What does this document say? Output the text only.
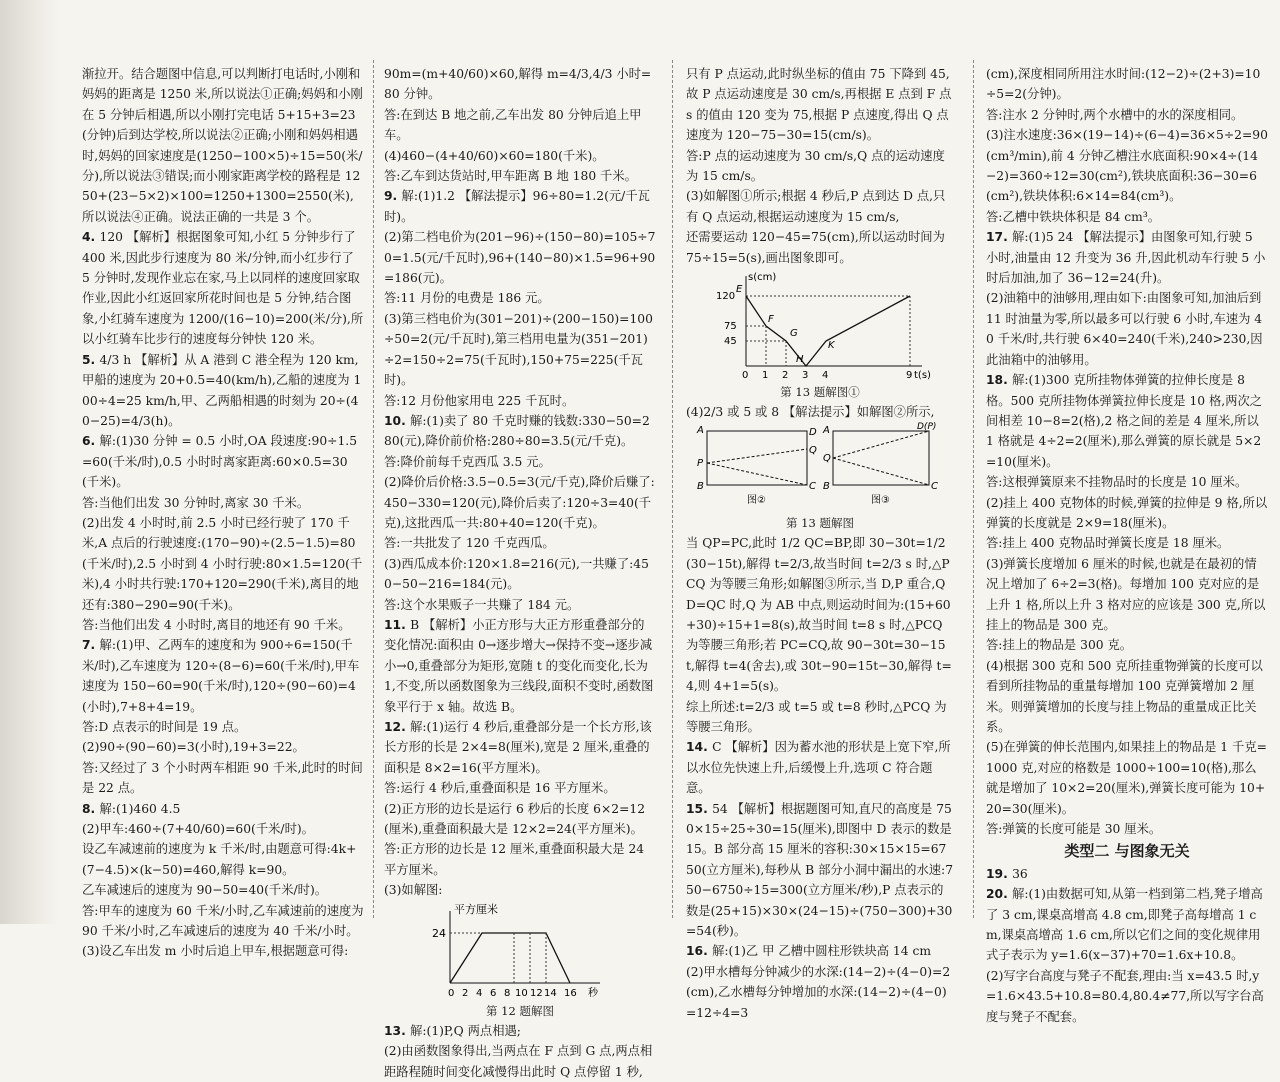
渐拉开。结合题图中信息,可以判断打电话时,小刚和妈妈的距离是 1250 米,所以说法①正确;妈妈和小刚在 5 分钟后相遇,所以小刚打完电话 5+15+3=23(分钟)后到达学校,所以说法②正确;小刚和妈妈相遇时,妈妈的回家速度是(1250−100×5)÷15=50(米/分),所以说法③错误;而小刚家距离学校的路程是 1250+(23−5×2)×100=1250+1300=2550(米),所以说法④正确。说法正确的一共是 3 个。

4. 120 【解析】根据图象可知,小红 5 分钟步行了 400 米,因此步行速度为 80 米/分钟,而小红步行了 5 分钟时,发现作业忘在家,马上以同样的速度回家取作业,因此小红返回家所花时间也是 5 分钟,结合图象,小红骑车速度为 1200/(16−10)=200(米/分),所以小红骑车比步行的速度每分钟快 120 米。

5. 4/3 h 【解析】从 A 港到 C 港全程为 120 km,甲船的速度为 20+0.5=40(km/h),乙船的速度为 100÷4=25 km/h,甲、乙两船相遇的时刻为 20÷(40−25)=4/3(h)。

6. 解:(1)30 分钟 = 0.5 小时,OA 段速度:90÷1.5=60(千米/时),0.5 小时时离家距离:60×0.5=30(千米)。

答:当他们出发 30 分钟时,离家 30 千米。

(2)出发 4 小时时,前 2.5 小时已经行驶了 170 千米,A 点后的行驶速度:(170−90)÷(2.5−1.5)=80(千米/时),2.5 小时到 4 小时行驶:80×1.5=120(千米),4 小时共行驶:170+120=290(千米),离目的地还有:380−290=90(千米)。

答:当他们出发 4 小时时,离目的地还有 90 千米。

7. 解:(1)甲、乙两车的速度和为 900÷6=150(千米/时),乙车速度为 120÷(8−6)=60(千米/时),甲车速度为 150−60=90(千米/时),120÷(90−60)=4(小时),7+8+4=19。

答:D 点表示的时间是 19 点。

(2)90÷(90−60)=3(小时),19+3=22。

答:又经过了 3 个小时两车相距 90 千米,此时的时间是 22 点。

8. 解:(1)460 4.5

(2)甲车:460÷(7+40/60)=60(千米/时)。

设乙车减速前的速度为 k 千米/时,由题意可得:4k+(7−4.5)×(k−50)=460,解得 k=90。

乙车减速后的速度为 90−50=40(千米/时)。

答:甲车的速度为 60 千米/小时,乙车减速前的速度为 90 千米/小时,乙车减速后的速度为 40 千米/小时。

(3)设乙车出发 m 小时后追上甲车,根据题意可得:

90m=(m+40/60)×60,解得 m=4/3,4/3 小时=80 分钟。

答:在到达 B 地之前,乙车出发 80 分钟后追上甲车。

(4)460−(4+40/60)×60=180(千米)。

答:乙车到达货站时,甲车距离 B 地 180 千米。

9. 解:(1)1.2 【解法提示】96÷80=1.2(元/千瓦时)。

(2)第二档电价为(201−96)÷(150−80)=105÷70=1.5(元/千瓦时),96+(140−80)×1.5=96+90=186(元)。

答:11 月份的电费是 186 元。

(3)第三档电价为(301−201)÷(200−150)=100÷50=2(元/千瓦时),第三档用电量为(351−201)÷2=150÷2=75(千瓦时),150+75=225(千瓦时)。

答:12 月份他家用电 225 千瓦时。

10. 解:(1)卖了 80 千克时赚的钱数:330−50=280(元),降价前价格:280÷80=3.5(元/千克)。

答:降价前每千克西瓜 3.5 元。

(2)降价后价格:3.5−0.5=3(元/千克),降价后赚了:450−330=120(元),降价后卖了:120÷3=40(千克),这批西瓜一共:80+40=120(千克)。

答:一共批发了 120 千克西瓜。

(3)西瓜成本价:120×1.8=216(元),一共赚了:450−50−216=184(元)。

答:这个水果贩子一共赚了 184 元。

11. B 【解析】小正方形与大正方形重叠部分的变化情况:面积由 0→逐步增大→保持不变→逐步减小→0,重叠部分为矩形,宽随 t 的变化而变化,长为 1,不变,所以函数图象为三线段,面积不变时,函数图象平行于 x 轴。故选 B。

12. 解:(1)运行 4 秒后,重叠部分是一个长方形,该长方形的长是 2×4=8(厘米),宽是 2 厘米,重叠的面积是 8×2=16(平方厘米)。

答:运行 4 秒后,重叠面积是 16 平方厘米。

(2)正方形的边长是运行 6 秒后的长度 6×2=12(厘米),重叠面积最大是 12×2=24(平方厘米)。

答:正方形的边长是 12 厘米,重叠面积最大是 24 平方厘米。

(3)如解图:

平方厘米
24
0 2 4 6 8 10 12 14 16 秒

第 12 题解图

13. 解:(1)P,Q 两点相遇;

(2)由函数图象得出,当两点在 F 点到 G 点,两点相距路程随时间变化减慢得出此时 Q 点停留 1 秒,

只有 P 点运动,此时纵坐标的值由 75 下降到 45,故 P 点运动速度是 30 cm/s,再根据 E 点到 F 点 s 的值由 120 变为 75,根据 P 点速度,得出 Q 点速度为 120−75−30=15(cm/s)。

答:P 点的运动速度为 30 cm/s,Q 点的运动速度为 15 cm/s。

(3)如解图①所示;根据 4 秒后,P 点到达 D 点,只有 Q 点运动,根据运动速度为 15 cm/s,

还需要运动 120−45=75(cm),所以运动时间为 75÷15=5(s),画出图象即可。

s(cm)
120
75
45
E
F
G
H
K
0 1 2 3 4	9 t(s)

第 13 题解图①

(4)2/3 或 5 或 8 【解法提示】如解图②所示,

A	D
P
Q
B	C
图②
A	D(P)
Q
B	C
图③

第 13 题解图

当 QP=PC,此时 1/2 QC=BP,即 30−30t=1/2(30−15t),解得 t=2/3,故当时间 t=2/3 s 时,△PCQ 为等腰三角形;如解图③所示,当 D,P 重合,QD=QC 时,Q 为 AB 中点,则运动时间为:(15+60+30)÷15+1=8(s),故当时间 t=8 s 时,△PCQ 为等腰三角形;若 PC=CQ,故 90−30t=30−15t,解得 t=4(舍去),或 30t−90=15t−30,解得 t=4,则 4+1=5(s)。

综上所述:t=2/3 或 t=5 或 t=8 秒时,△PCQ 为等腰三角形。

14. C 【解析】因为蓄水池的形状是上宽下窄,所以水位先快速上升,后缓慢上升,选项 C 符合题意。

15. 54 【解析】根据题图可知,直尺的高度是 750×15÷25÷30=15(厘米),即图中 D 表示的数是 15。B 部分高 15 厘米的容积:30×15×15=6750(立方厘米),每秒从 B 部分小洞中漏出的水速:750−6750÷15=300(立方厘米/秒),P 点表示的数是(25+15)×30×(24−15)÷(750−300)+30=54(秒)。

16. 解:(1)乙 甲 乙槽中圆柱形铁块高 14 cm

(2)甲水槽每分钟减少的水深:(14−2)÷(4−0)=2(cm),乙水槽每分钟增加的水深:(14−2)÷(4−0)=12÷4=3

(cm),深度相同所用注水时间:(12−2)÷(2+3)=10÷5=2(分钟)。

答:注水 2 分钟时,两个水槽中的水的深度相同。

(3)注水速度:36×(19−14)÷(6−4)=36×5÷2=90(cm³/min),前 4 分钟乙槽注水底面积:90×4÷(14−2)=360÷12=30(cm²),铁块底面积:36−30=6(cm²),铁块体积:6×14=84(cm³)。

答:乙槽中铁块体积是 84 cm³。

17. 解:(1)5 24 【解法提示】由图象可知,行驶 5 小时,油量由 12 升变为 36 升,因此机动车行驶 5 小时后加油,加了 36−12=24(升)。

(2)油箱中的油够用,理由如下:由图象可知,加油后到 11 时油量为零,所以最多可以行驶 6 小时,车速为 40 千米/时,共行驶 6×40=240(千米),240>230,因此油箱中的油够用。

18. 解:(1)300 克所挂物体弹簧的拉伸长度是 8 格。500 克所挂物体弹簧拉伸长度是 10 格,两次之间相差 10−8=2(格),2 格之间的差是 4 厘米,所以 1 格就是 4÷2=2(厘米),那么弹簧的原长就是 5×2=10(厘米)。

答:这根弹簧原来不挂物品时的长度是 10 厘米。

(2)挂上 400 克物体的时候,弹簧的拉伸是 9 格,所以弹簧的长度就是 2×9=18(厘米)。

答:挂上 400 克物品时弹簧长度是 18 厘米。

(3)弹簧长度增加 6 厘米的时候,也就是在最初的情况上增加了 6÷2=3(格)。每增加 100 克对应的是上升 1 格,所以上升 3 格对应的应该是 300 克,所以挂上的物品是 300 克。

答:挂上的物品是 300 克。

(4)根据 300 克和 500 克所挂重物弹簧的长度可以看到所挂物品的重量每增加 100 克弹簧增加 2 厘米。则弹簧增加的长度与挂上物品的重量成正比关系。

(5)在弹簧的伸长范围内,如果挂上的物品是 1 千克=1000 克,对应的格数是 1000÷100=10(格),那么就是增加了 10×2=20(厘米),弹簧长度可能为 10+20=30(厘米)。

答:弹簧的长度可能是 30 厘米。

类型二 与图象无关

19. 36

20. 解:(1)由数据可知,从第一档到第二档,凳子增高了 3 cm,课桌高增高 4.8 cm,即凳子高每增高 1 cm,课桌高增高 1.6 cm,所以它们之间的变化规律用式子表示为 y=1.6(x−37)+70=1.6x+10.8。

(2)写字台高度与凳子不配套,理由:当 x=43.5 时,y=1.6×43.5+10.8=80.4,80.4≠77,所以写字台高度与凳子不配套。
